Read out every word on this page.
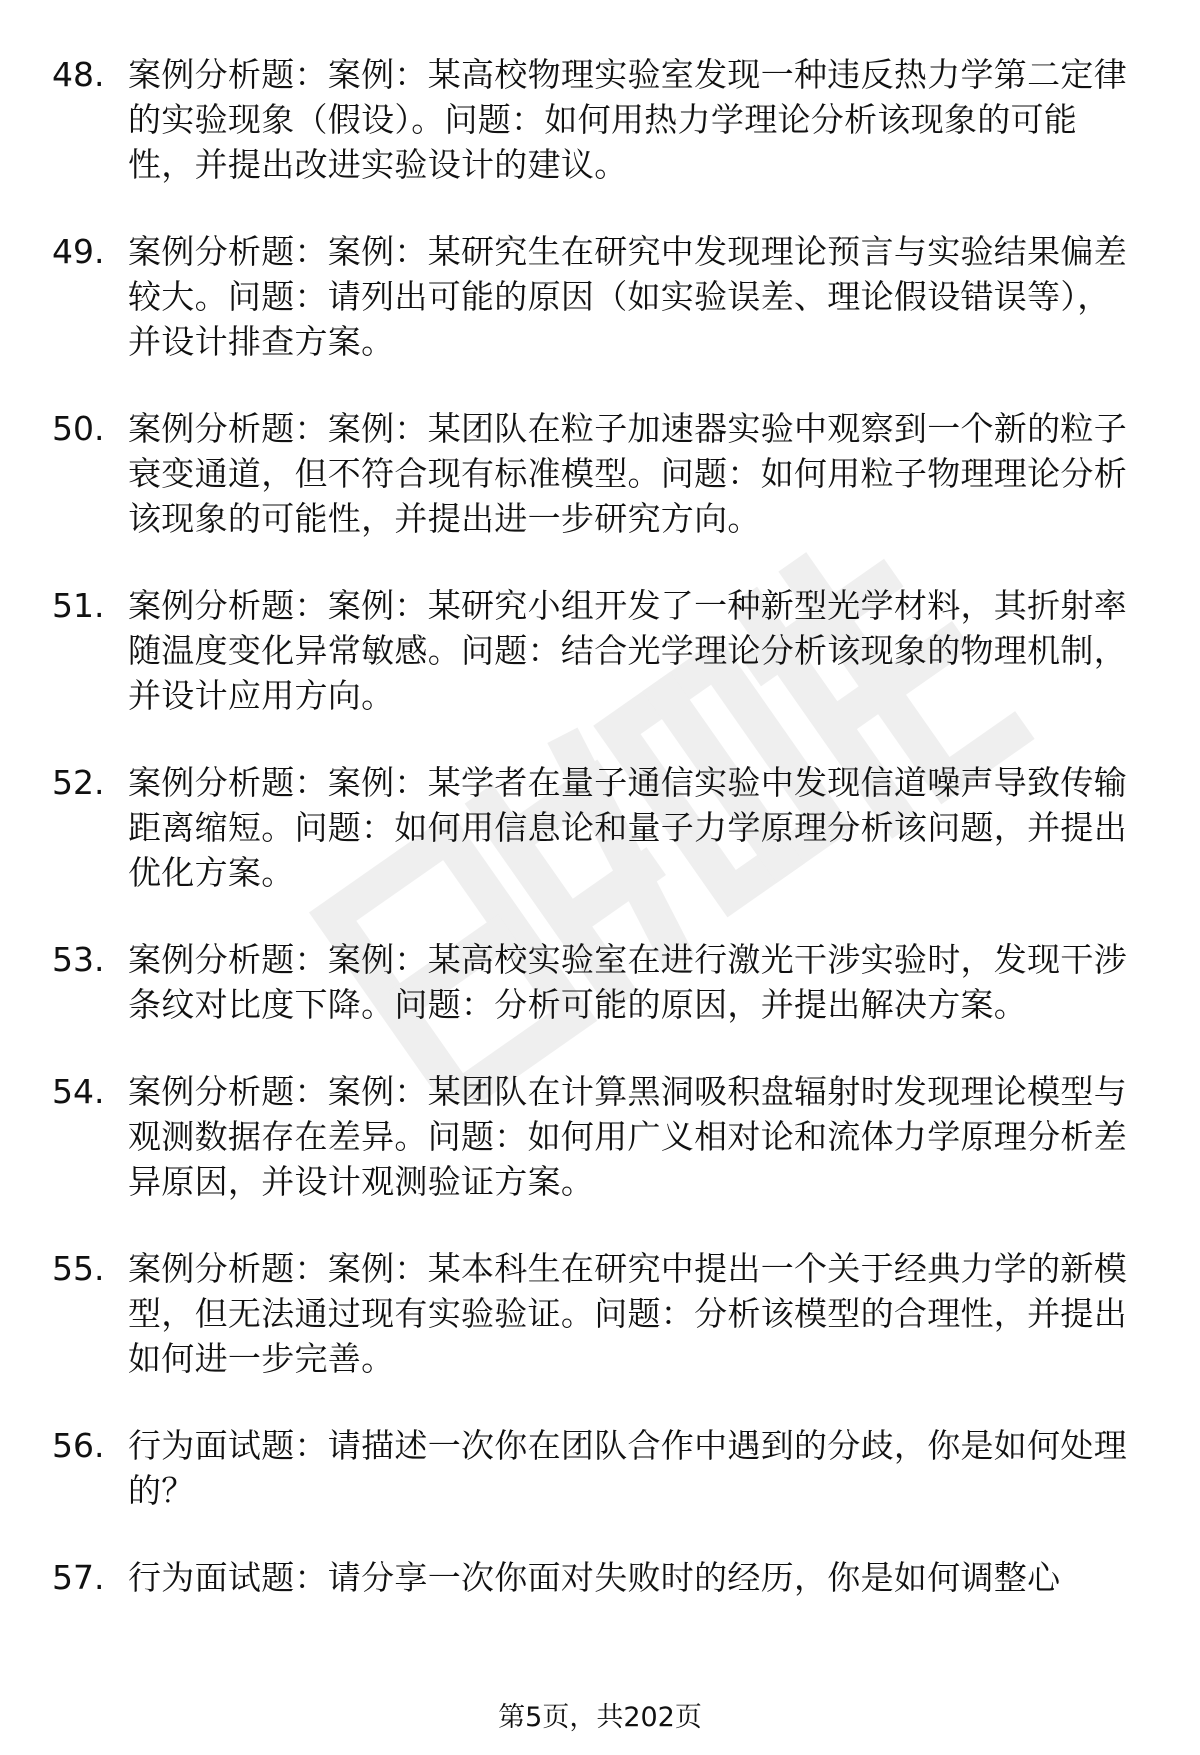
48. 案例分析题：案例：某高校物理实验室发现一种违反热力学第二定律的实验现象（假设）。问题：如何用热力学理论分析该现象的可能性，并提出改进实验设计的建议。
49. 案例分析题：案例：某研究生在研究中发现理论预言与实验结果偏差较大。问题：请列出可能的原因（如实验误差、理论假设错误等），并设计排查方案。
50. 案例分析题：案例：某团队在粒子加速器实验中观察到一个新的粒子衰变通道，但不符合现有标准模型。问题：如何用粒子物理理论分析该现象的可能性，并提出进一步研究方向。
51. 案例分析题：案例：某研究小组开发了一种新型光学材料，其折射率随温度变化异常敏感。问题：结合光学理论分析该现象的物理机制，并设计应用方向。
52. 案例分析题：案例：某学者在量子通信实验中发现信道噪声导致传输距离缩短。问题：如何用信息论和量子力学原理分析该问题，并提出优化方案。
53. 案例分析题：案例：某高校实验室在进行激光干涉实验时，发现干涉条纹对比度下降。问题：分析可能的原因，并提出解决方案。
54. 案例分析题：案例：某团队在计算黑洞吸积盘辐射时发现理论模型与观测数据存在差异。问题：如何用广义相对论和流体力学原理分析差异原因，并设计观测验证方案。
55. 案例分析题：案例：某本科生在研究中提出一个关于经典力学的新模型，但无法通过现有实验验证。问题：分析该模型的合理性，并提出如何进一步完善。
56. 行为面试题：请描述一次你在团队合作中遇到的分歧，你是如何处理的？
57. 行为面试题：请分享一次你面对失败时的经历，你是如何调整心
第5页，共202页
